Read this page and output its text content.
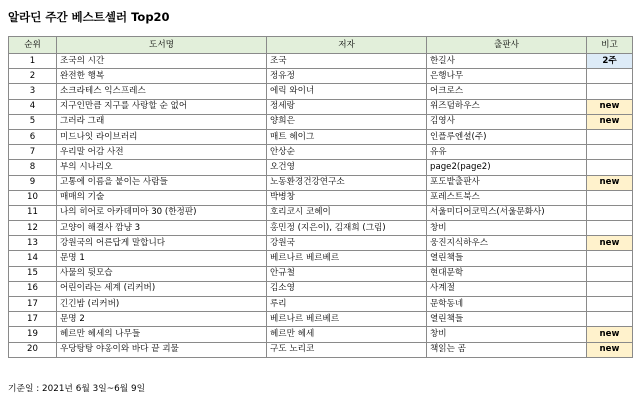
알라딘 주간 베스트셀러 Top20
순위	도서명	저자	출판사	비고
1	조국의 시간	조국	한길사	2주
2	완전한 행복	정유정	은행나무	
3	소크라테스 익스프레스	에릭 와이너	어크로스	
4	지구인만큼 지구를 사랑할 순 없어	정세랑	위즈덤하우스	new
5	그러라 그래	양희은	김영사	new
6	미드나잇 라이브러리	매트 헤이그	인플루엔셜(주)	
7	우리말 어감 사전	안상순	유유	
8	부의 시나리오	오건영	page2(page2)	
9	고통에 이름을 붙이는 사람들	노동환경건강연구소	포도밭출판사	new
10	매매의 기술	박병창	포레스트북스	
11	나의 히어로 아카데미아 30 (한정판)	호리코시 코헤이	서울미디어코믹스(서울문화사)	
12	고양이 해결사 깜냥 3	홍민정 (지은이), 김재희 (그림)	창비	
13	강원국의 어른답게 말합니다	강원국	웅진지식하우스	new
14	문명 1	베르나르 베르베르	열린책들	
15	사물의 뒷모습	안규철	현대문학	
16	어린이라는 세계 (리커버)	김소영	사계절	
17	긴긴밤 (리커버)	루리	문학동네	
17	문명 2	베르나르 베르베르	열린책들	
19	헤르만 헤세의 나무들	헤르만 헤세	창비	new
20	우당탕탕 야옹이와 바다 끝 괴물	구도 노리코	책읽는 곰	new
기준일 : 2021년 6월 3일~6월 9일
